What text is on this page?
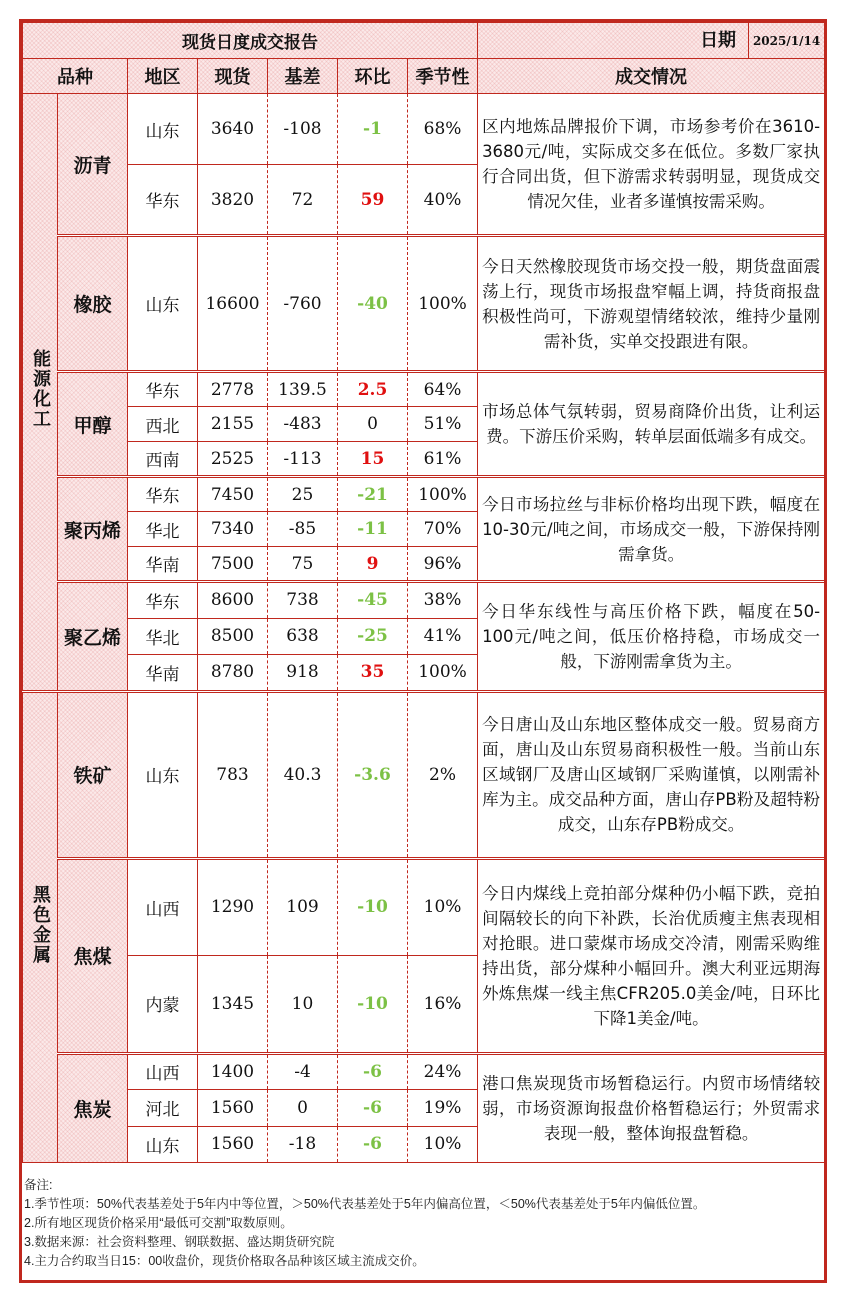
现货日度成交报告							日期 2025/1/14

品种		地区	现货	基差	环比	季节性	成交情况
能源化工	沥青	山东	3640	-108	-1	68%	区内地炼品牌报价下调，市场参考价在3610-3680元/吨，实际成交多在低位。多数厂家执行合同出货，但下游需求转弱明显，现货成交情况欠佳，业者多谨慎按需采购。
		华东	3820	72	59	40%	
	橡胶	山东	16600	-760	-40	100%	今日天然橡胶现货市场交投一般，期货盘面震荡上行，现货市场报盘窄幅上调，持货商报盘积极性尚可，下游观望情绪较浓，维持少量刚需补货，实单交投跟进有限。
	甲醇	华东	2778	139.5	2.5	64%	市场总体气氛转弱，贸易商降价出货，让利运费。下游压价采购，转单层面低端多有成交。
		西北	2155	-483	0	51%	
		西南	2525	-113	15	61%	
	聚丙烯	华东	7450	25	-21	100%	今日市场拉丝与非标价格均出现下跌，幅度在10-30元/吨之间，市场成交一般，下游保持刚需拿货。
		华北	7340	-85	-11	70%	
		华南	7500	75	9	96%	
	聚乙烯	华东	8600	738	-45	38%	今日华东线性与高压价格下跌，幅度在50-100元/吨之间，低压价格持稳，市场成交一般，下游刚需拿货为主。
		华北	8500	638	-25	41%	
		华南	8780	918	35	100%	
黑色金属	铁矿	山东	783	40.3	-3.6	2%	今日唐山及山东地区整体成交一般。贸易商方面，唐山及山东贸易商积极性一般。当前山东区域钢厂及唐山区域钢厂采购谨慎，以刚需补库为主。成交品种方面，唐山存PB粉及超特粉成交，山东存PB粉成交。
	焦煤	山西	1290	109	-10	10%	今日内煤线上竞拍部分煤种仍小幅下跌，竞拍间隔较长的向下补跌，长治优质瘦主焦表现相对抢眼。进口蒙煤市场成交冷清，刚需采购维持出货，部分煤种小幅回升。澳大利亚远期海外炼焦煤一线主焦CFR205.0美金/吨，日环比下降1美金/吨。
		内蒙	1345	10	-10	16%	
	焦炭	山西	1400	-4	-6	24%	港口焦炭现货市场暂稳运行。内贸市场情绪较弱，市场资源询报盘价格暂稳运行；外贸需求表现一般，整体询报盘暂稳。
		河北	1560	0	-6	19%	
		山东	1560	-18	-6	10%	
备注:
1.季节性项：50%代表基差处于5年内中等位置，＞50%代表基差处于5年内偏高位置，＜50%代表基差处于5年内偏低位置。
2.所有地区现货价格采用“最低可交割”取数原则。
3.数据来源：社会资料整理、钢联数据、盛达期货研究院
4.主力合约取当日15：00收盘价，现货价格取各品种该区域主流成交价。
